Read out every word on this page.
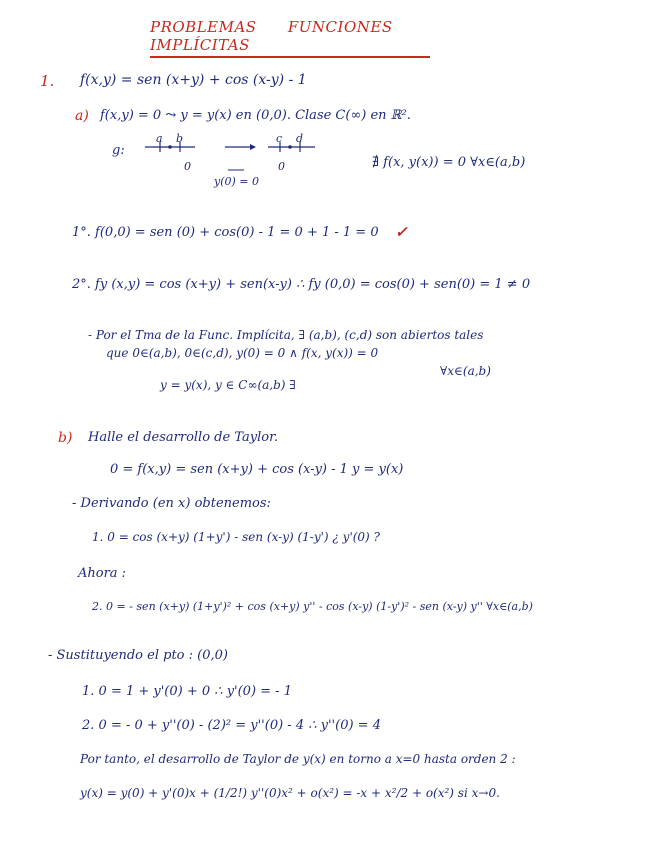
PROBLEMAS FUNCIONES IMPLÍCITAS
1. f(x,y) = sen (x+y) + cos (x-y) - 1
a) f(x,y) = 0 ⤳ y = y(x) en (0,0). Clase C(∞) en ℝ².
g:
a b	c d
0	0
y(0) = 0
∄ f(x, y(x)) = 0 ∀x∈(a,b)
1°. f(0,0) = sen (0) + cos(0) - 1 = 0 + 1 - 1 = 0 ✓
2°. fy (x,y) = cos (x+y) + sen(x-y) ∴ fy (0,0) = cos(0) + sen(0) = 1 ≠ 0
- Por el Tma de la Func. Implícita, ∃ (a,b), (c,d) son abiertos tales
que 0∈(a,b), 0∈(c,d), y(0) = 0 ∧ f(x, y(x)) = 0
∀x∈(a,b)
y = y(x), y ∈ C∞(a,b) ∃
b) Halle el desarrollo de Taylor.
0 = f(x,y) = sen (x+y) + cos (x-y) - 1 y = y(x)
- Derivando (en x) obtenemos:
1. 0 = cos (x+y) (1+y') - sen (x-y) (1-y') ¿ y'(0) ?
Ahora :
2. 0 = - sen (x+y) (1+y')² + cos (x+y) y'' - cos (x-y) (1-y')² - sen (x-y) y'' ∀x∈(a,b)
- Sustituyendo el pto : (0,0)
1. 0 = 1 + y'(0) + 0 ∴ y'(0) = - 1
2. 0 = - 0 + y''(0) - (2)² = y''(0) - 4 ∴ y''(0) = 4
Por tanto, el desarrollo de Taylor de y(x) en torno a x=0 hasta orden 2 :
y(x) = y(0) + y'(0)x + (1/2!) y''(0)x² + o(x²) = -x + x²/2 + o(x²) si x→0.
